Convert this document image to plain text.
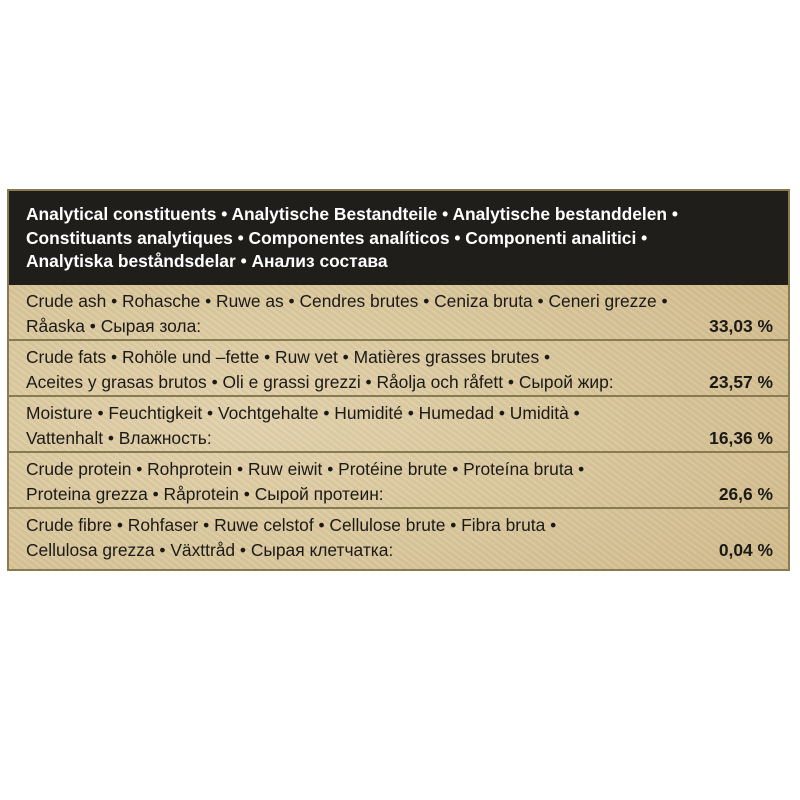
Analytical constituents • Analytische Bestandteile • Analytische bestanddelen •
Constituants analytiques • Componentes analíticos • Componenti analitici •
Analytiska beståndsdelar • Анализ состава
Crude ash • Rohasche • Ruwe as • Cendres brutes • Ceniza bruta • Ceneri grezze •
Råaska • Сырая зола:	33,03 %
Crude fats • Rohöle und –fette • Ruw vet • Matières grasses brutes •
Aceites y grasas brutos • Oli e grassi grezzi • Råolja och råfett • Сырой жир:	23,57 %
Moisture • Feuchtigkeit • Vochtgehalte • Humidité • Humedad • Umidità •
Vattenhalt • Влажность:	16,36 %
Crude protein • Rohprotein • Ruw eiwit • Protéine brute • Proteína bruta •
Proteina grezza • Råprotein • Сырой протеин:	26,6 %
Crude fibre • Rohfaser • Ruwe celstof • Cellulose brute • Fibra bruta •
Cellulosa grezza • Växttråd • Сырая клетчатка:	0,04 %
